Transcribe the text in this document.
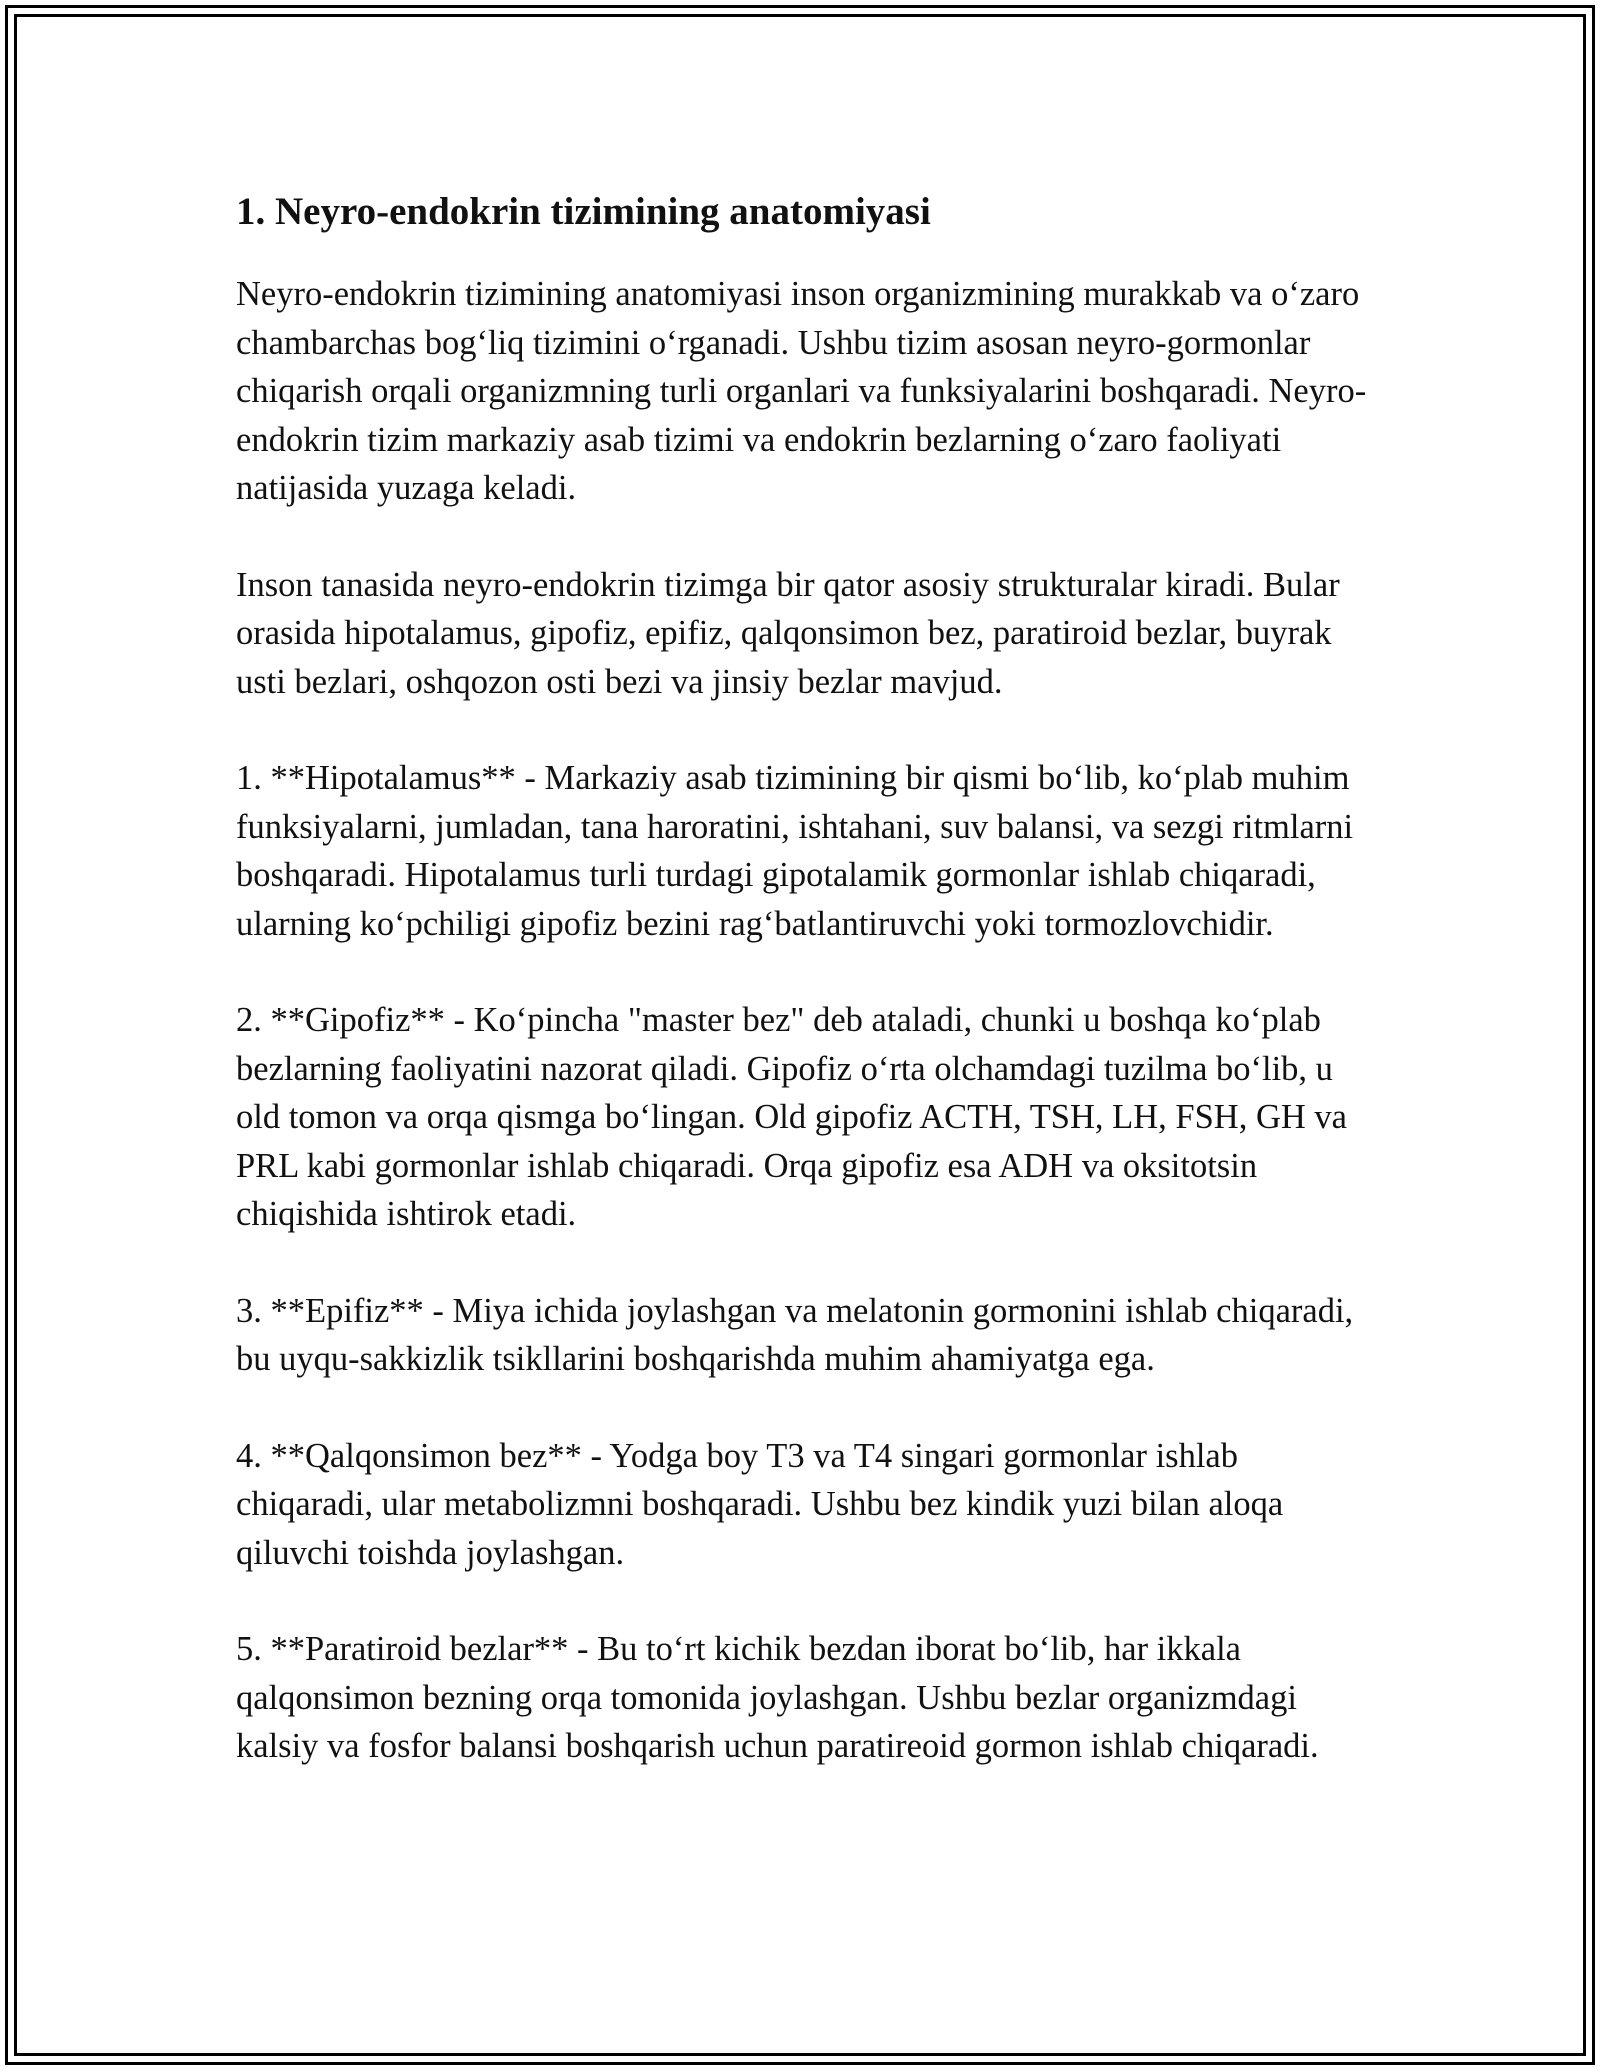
1. Neyro-endokrin tizimining anatomiyasi

Neyro-endokrin tizimining anatomiyasi inson organizmining murakkab va o‘zaro chambarchas bog‘liq tizimini o‘rganadi. Ushbu tizim asosan neyro-gormonlar chiqarish orqali organizmning turli organlari va funksiyalarini boshqaradi. Neyro-endokrin tizim markaziy asab tizimi va endokrin bezlarning o‘zaro faoliyati natijasida yuzaga keladi.

Inson tanasida neyro-endokrin tizimga bir qator asosiy strukturalar kiradi. Bular orasida hipotalamus, gipofiz, epifiz, qalqonsimon bez, paratiroid bezlar, buyrak usti bezlari, oshqozon osti bezi va jinsiy bezlar mavjud.

1. **Hipotalamus** - Markaziy asab tizimining bir qismi bo‘lib, ko‘plab muhim funksiyalarni, jumladan, tana haroratini, ishtahani, suv balansi, va sezgi ritmlarni boshqaradi. Hipotalamus turli turdagi gipotalamik gormonlar ishlab chiqaradi, ularning ko‘pchiligi gipofiz bezini rag‘batlantiruvchi yoki tormozlovchidir.

2. **Gipofiz** - Ko‘pincha "master bez" deb ataladi, chunki u boshqa ko‘plab bezlarning faoliyatini nazorat qiladi. Gipofiz o‘rta olchamdagi tuzilma bo‘lib, u old tomon va orqa qismga bo‘lingan. Old gipofiz ACTH, TSH, LH, FSH, GH va PRL kabi gormonlar ishlab chiqaradi. Orqa gipofiz esa ADH va oksitotsin chiqishida ishtirok etadi.

3. **Epifiz** - Miya ichida joylashgan va melatonin gormonini ishlab chiqaradi, bu uyqu-sakkizlik tsikllarini boshqarishda muhim ahamiyatga ega.

4. **Qalqonsimon bez** - Yodga boy T3 va T4 singari gormonlar ishlab chiqaradi, ular metabolizmni boshqaradi. Ushbu bez kindik yuzi bilan aloqa qiluvchi toishda joylashgan.

5. **Paratiroid bezlar** - Bu to‘rt kichik bezdan iborat bo‘lib, har ikkala qalqonsimon bezning orqa tomonida joylashgan. Ushbu bezlar organizmdagi kalsiy va fosfor balansi boshqarish uchun paratireoid gormon ishlab chiqaradi.
